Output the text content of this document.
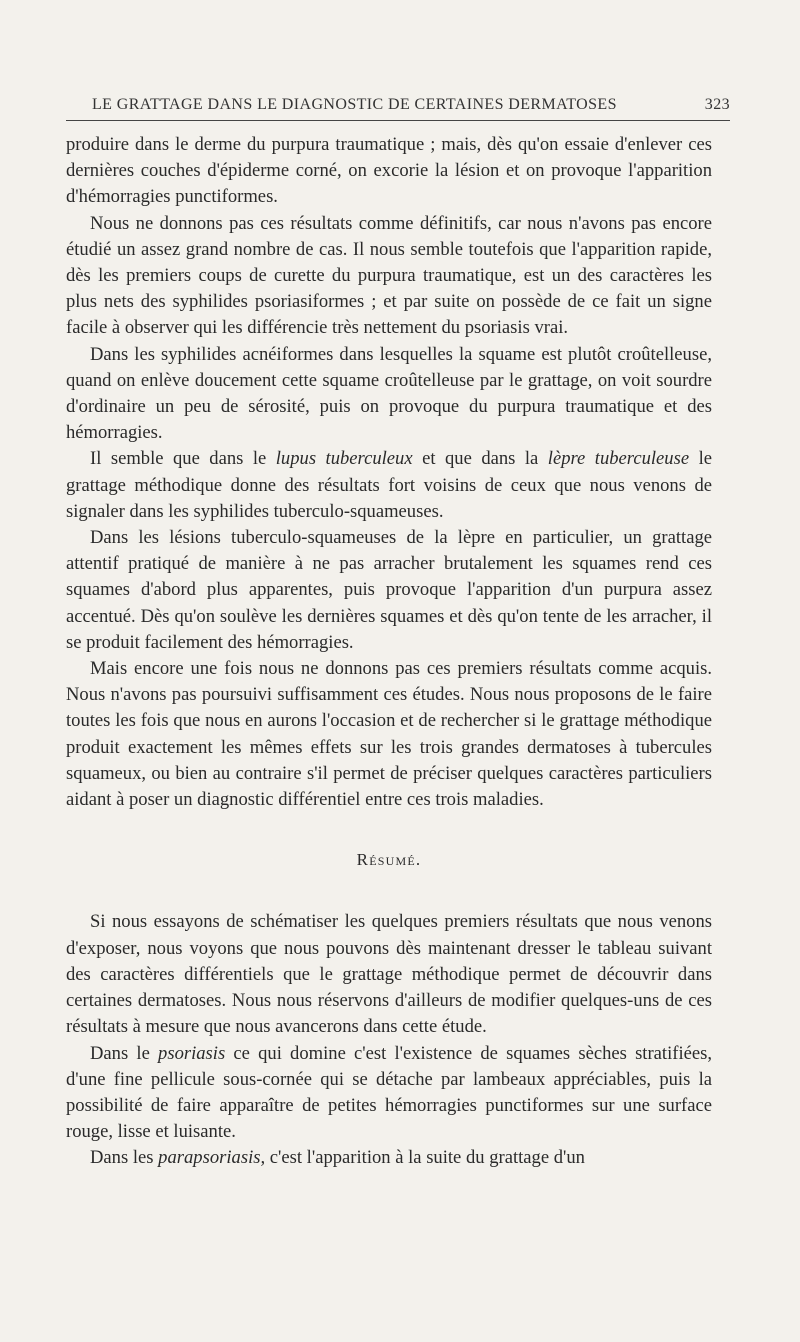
LE GRATTAGE DANS LE DIAGNOSTIC DE CERTAINES DERMATOSES	323

produire dans le derme du purpura traumatique ; mais, dès qu'on essaie d'enlever ces dernières couches d'épiderme corné, on excorie la lésion et on provoque l'apparition d'hémorragies punctiformes.

Nous ne donnons pas ces résultats comme définitifs, car nous n'avons pas encore étudié un assez grand nombre de cas. Il nous semble toutefois que l'apparition rapide, dès les premiers coups de curette du purpura traumatique, est un des caractères les plus nets des syphilides psoriasiformes ; et par suite on possède de ce fait un signe facile à observer qui les différencie très nettement du psoriasis vrai.

Dans les syphilides acnéiformes dans lesquelles la squame est plutôt croûtelleuse, quand on enlève doucement cette squame croûtelleuse par le grattage, on voit sourdre d'ordinaire un peu de sérosité, puis on provoque du purpura traumatique et des hémorragies.

Il semble que dans le lupus tuberculeux et que dans la lèpre tuberculeuse le grattage méthodique donne des résultats fort voisins de ceux que nous venons de signaler dans les syphilides tuberculo-squameuses.

Dans les lésions tuberculo-squameuses de la lèpre en particulier, un grattage attentif pratiqué de manière à ne pas arracher brutalement les squames rend ces squames d'abord plus apparentes, puis provoque l'apparition d'un purpura assez accentué. Dès qu'on soulève les dernières squames et dès qu'on tente de les arracher, il se produit facilement des hémorragies.

Mais encore une fois nous ne donnons pas ces premiers résultats comme acquis. Nous n'avons pas poursuivi suffisamment ces études. Nous nous proposons de le faire toutes les fois que nous en aurons l'occasion et de rechercher si le grattage méthodique produit exactement les mêmes effets sur les trois grandes dermatoses à tubercules squameux, ou bien au contraire s'il permet de préciser quelques caractères particuliers aidant à poser un diagnostic différentiel entre ces trois maladies.

Résumé.

Si nous essayons de schématiser les quelques premiers résultats que nous venons d'exposer, nous voyons que nous pouvons dès maintenant dresser le tableau suivant des caractères différentiels que le grattage méthodique permet de découvrir dans certaines dermatoses. Nous nous réservons d'ailleurs de modifier quelques-uns de ces résultats à mesure que nous avancerons dans cette étude.

Dans le psoriasis ce qui domine c'est l'existence de squames sèches stratifiées, d'une fine pellicule sous-cornée qui se détache par lambeaux appréciables, puis la possibilité de faire apparaître de petites hémorragies punctiformes sur une surface rouge, lisse et luisante.

Dans les parapsoriasis, c'est l'apparition à la suite du grattage d'un
